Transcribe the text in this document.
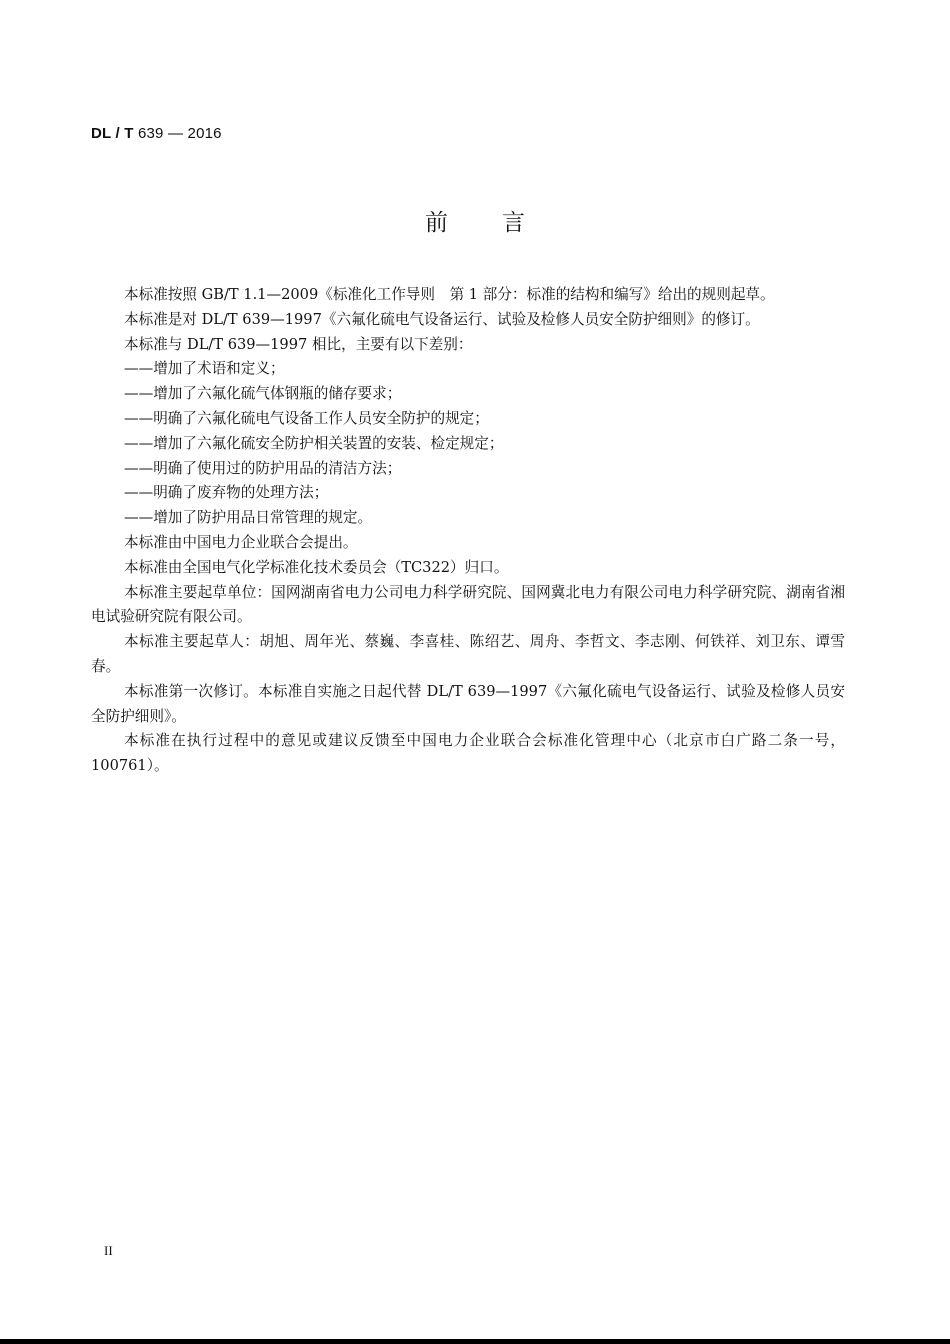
DL / T 639 — 2016
前言

本标准按照 GB/T 1.1—2009《标准化工作导则　第 1 部分：标准的结构和编写》给出的规则起草。

本标准是对 DL/T 639—1997《六氟化硫电气设备运行、试验及检修人员安全防护细则》的修订。

本标准与 DL/T 639—1997 相比，主要有以下差别：

——增加了术语和定义；

——增加了六氟化硫气体钢瓶的储存要求；

——明确了六氟化硫电气设备工作人员安全防护的规定；

——增加了六氟化硫安全防护相关装置的安装、检定规定；

——明确了使用过的防护用品的清洁方法；

——明确了废弃物的处理方法；

——增加了防护用品日常管理的规定。

本标准由中国电力企业联合会提出。

本标准由全国电气化学标准化技术委员会（TC322）归口。

本标准主要起草单位：国网湖南省电力公司电力科学研究院、国网冀北电力有限公司电力科学研究院、湖南省湘电试验研究院有限公司。

本标准主要起草人：胡旭、周年光、蔡巍、李喜桂、陈绍艺、周舟、李哲文、李志刚、何铁祥、刘卫东、谭雪春。

本标准第一次修订。本标准自实施之日起代替 DL/T 639—1997《六氟化硫电气设备运行、试验及检修人员安全防护细则》。

本标准在执行过程中的意见或建议反馈至中国电力企业联合会标准化管理中心（北京市白广路二条一号，100761）。

II
